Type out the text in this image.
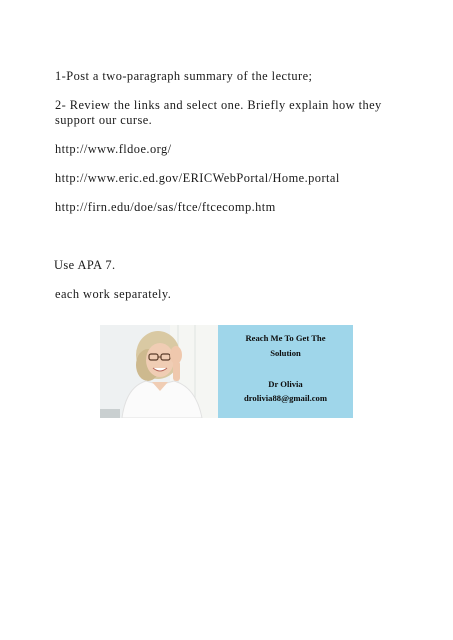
1-Post a two-paragraph summary of the lecture;
2- Review the links and select one. Briefly explain how they support our curse.
http://www.fldoe.org/
http://www.eric.ed.gov/ERICWebPortal/Home.portal
http://firn.edu/doe/sas/ftce/ftcecomp.htm
Use APA 7.
each work separately.
Reach Me To Get The
Solution
Dr Olivia
drolivia88@gmail.com
